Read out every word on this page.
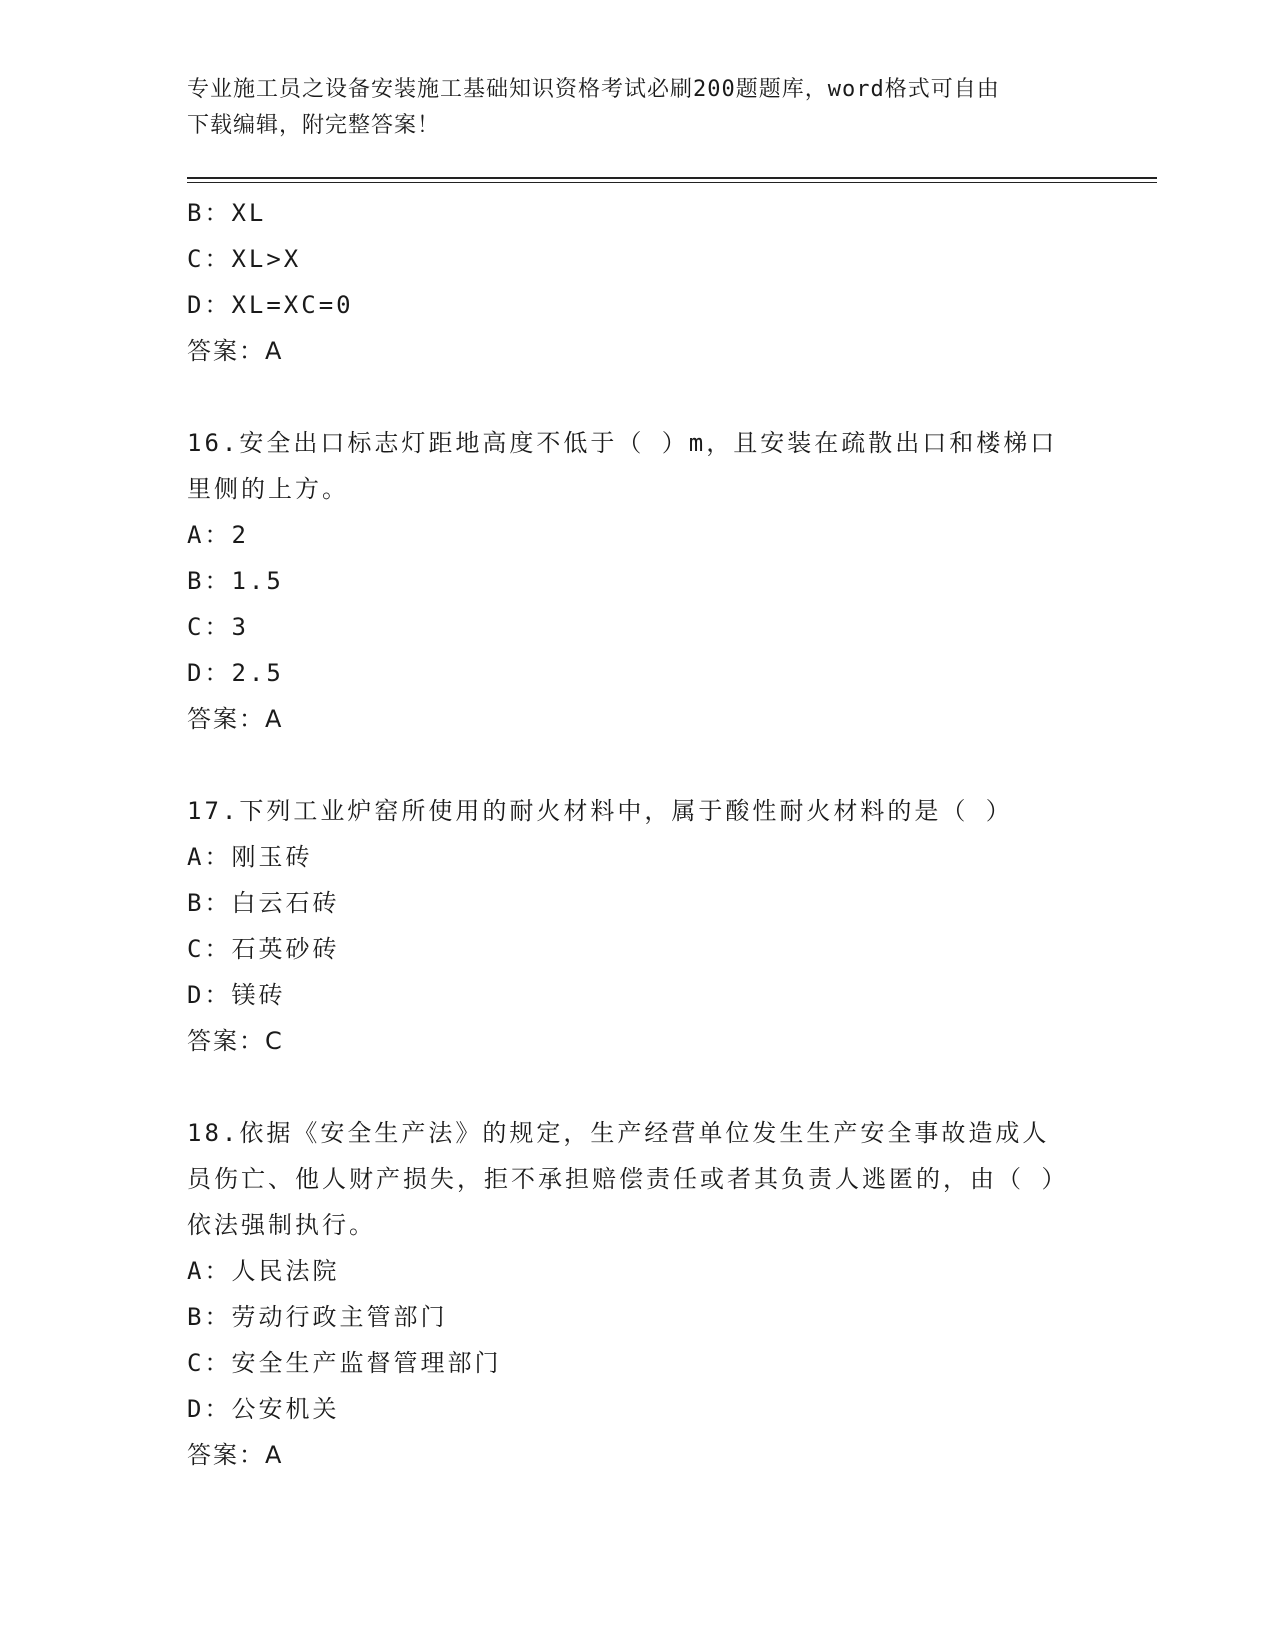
专业施工员之设备安装施工基础知识资格考试必刷200题题库，word格式可自由
下载编辑，附完整答案！
B：XL
C：XL>X
D：XL=XC=0
答案：A
16.安全出口标志灯距地高度不低于（ ）m，且安装在疏散出口和楼梯口里侧的上方。
A：2
B：1.5
C：3
D：2.5
答案：A
17.下列工业炉窑所使用的耐火材料中，属于酸性耐火材料的是（ ）
A：刚玉砖
B：白云石砖
C：石英砂砖
D：镁砖
答案：C
18.依据《安全生产法》的规定，生产经营单位发生生产安全事故造成人员伤亡、他人财产损失，拒不承担赔偿责任或者其负责人逃匿的，由（ ）依法强制执行。
A：人民法院
B：劳动行政主管部门
C：安全生产监督管理部门
D：公安机关
答案：A
